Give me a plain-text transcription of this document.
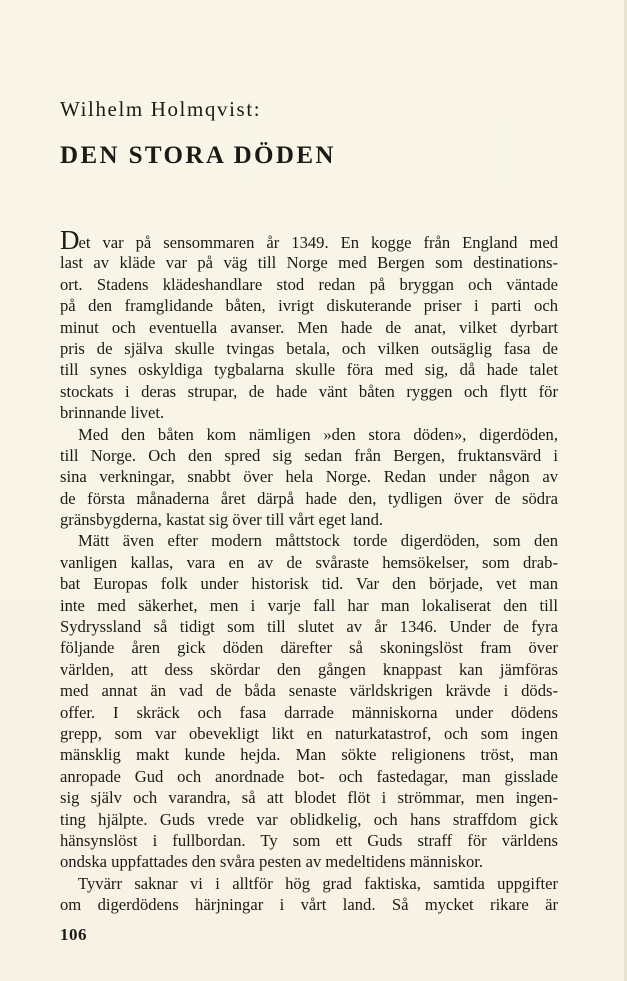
Wilhelm Holmqvist:
DEN STORA DÖDEN
Det var på sensommaren år 1349. En kogge från England med
last av kläde var på väg till Norge med Bergen som destinations-
ort. Stadens klädeshandlare stod redan på bryggan och väntade
på den framglidande båten, ivrigt diskuterande priser i parti och
minut och eventuella avanser. Men hade de anat, vilket dyrbart
pris de själva skulle tvingas betala, och vilken outsäglig fasa de
till synes oskyldiga tygbalarna skulle föra med sig, då hade talet
stockats i deras strupar, de hade vänt båten ryggen och flytt för
brinnande livet.
Med den båten kom nämligen »den stora döden», digerdöden,
till Norge. Och den spred sig sedan från Bergen, fruktansvärd i
sina verkningar, snabbt över hela Norge. Redan under någon av
de första månaderna året därpå hade den, tydligen över de södra
gränsbygderna, kastat sig över till vårt eget land.
Mätt även efter modern måttstock torde digerdöden, som den
vanligen kallas, vara en av de svåraste hemsökelser, som drab-
bat Europas folk under historisk tid. Var den började, vet man
inte med säkerhet, men i varje fall har man lokaliserat den till
Sydryssland så tidigt som till slutet av år 1346. Under de fyra
följande åren gick döden därefter så skoningslöst fram över
världen, att dess skördar den gången knappast kan jämföras
med annat än vad de båda senaste världskrigen krävde i döds-
offer. I skräck och fasa darrade människorna under dödens
grepp, som var obevekligt likt en naturkatastrof, och som ingen
mänsklig makt kunde hejda. Man sökte religionens tröst, man
anropade Gud och anordnade bot- och fastedagar, man gisslade
sig själv och varandra, så att blodet flöt i strömmar, men ingen-
ting hjälpte. Guds vrede var oblidkelig, och hans straffdom gick
hänsynslöst i fullbordan. Ty som ett Guds straff för världens
ondska uppfattades den svåra pesten av medeltidens människor.
Tyvärr saknar vi i alltför hög grad faktiska, samtida uppgifter
om digerdödens härjningar i vårt land. Så mycket rikare är
106
